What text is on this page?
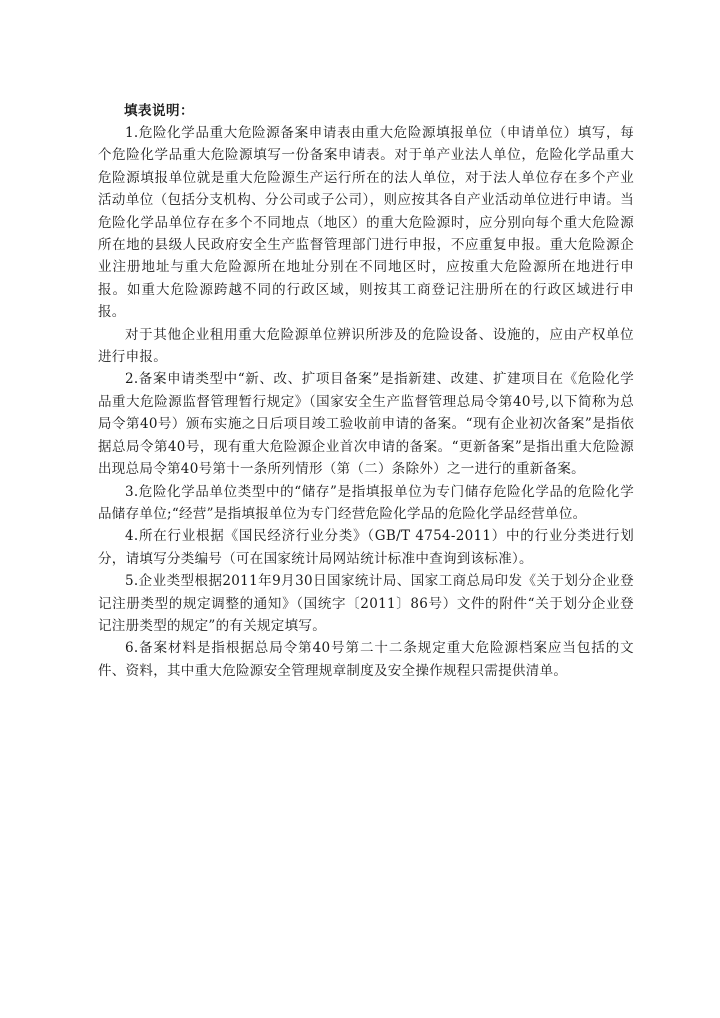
填表说明：

1.危险化学品重大危险源备案申请表由重大危险源填报单位（申请单位）填写，每个危险化学品重大危险源填写一份备案申请表。对于单产业法人单位，危险化学品重大危险源填报单位就是重大危险源生产运行所在的法人单位，对于法人单位存在多个产业活动单位（包括分支机构、分公司或子公司），则应按其各自产业活动单位进行申请。当危险化学品单位存在多个不同地点（地区）的重大危险源时，应分别向每个重大危险源所在地的县级人民政府安全生产监督管理部门进行申报，不应重复申报。重大危险源企业注册地址与重大危险源所在地址分别在不同地区时，应按重大危险源所在地进行申报。如重大危险源跨越不同的行政区域，则按其工商登记注册所在的行政区域进行申报。

对于其他企业租用重大危险源单位辨识所涉及的危险设备、设施的，应由产权单位进行申报。

2.备案申请类型中“新、改、扩项目备案”是指新建、改建、扩建项目在《危险化学品重大危险源监督管理暂行规定》（国家安全生产监督管理总局令第40号,以下简称为总局令第40号）颁布实施之日后项目竣工验收前申请的备案。“现有企业初次备案”是指依据总局令第40号，现有重大危险源企业首次申请的备案。“更新备案”是指出重大危险源出现总局令第40号第十一条所列情形（第（二）条除外）之一进行的重新备案。

3.危险化学品单位类型中的“储存”是指填报单位为专门储存危险化学品的危险化学品储存单位;“经营”是指填报单位为专门经营危险化学品的危险化学品经营单位。

4.所在行业根据《国民经济行业分类》（GB/T 4754-2011）中的行业分类进行划分，请填写分类编号（可在国家统计局网站统计标准中查询到该标准）。

5.企业类型根据2011年9月30日国家统计局、国家工商总局印发《关于划分企业登记注册类型的规定调整的通知》（国统字〔2011〕86号）文件的附件“关于划分企业登记注册类型的规定”的有关规定填写。

6.备案材料是指根据总局令第40号第二十二条规定重大危险源档案应当包括的文件、资料，其中重大危险源安全管理规章制度及安全操作规程只需提供清单。
